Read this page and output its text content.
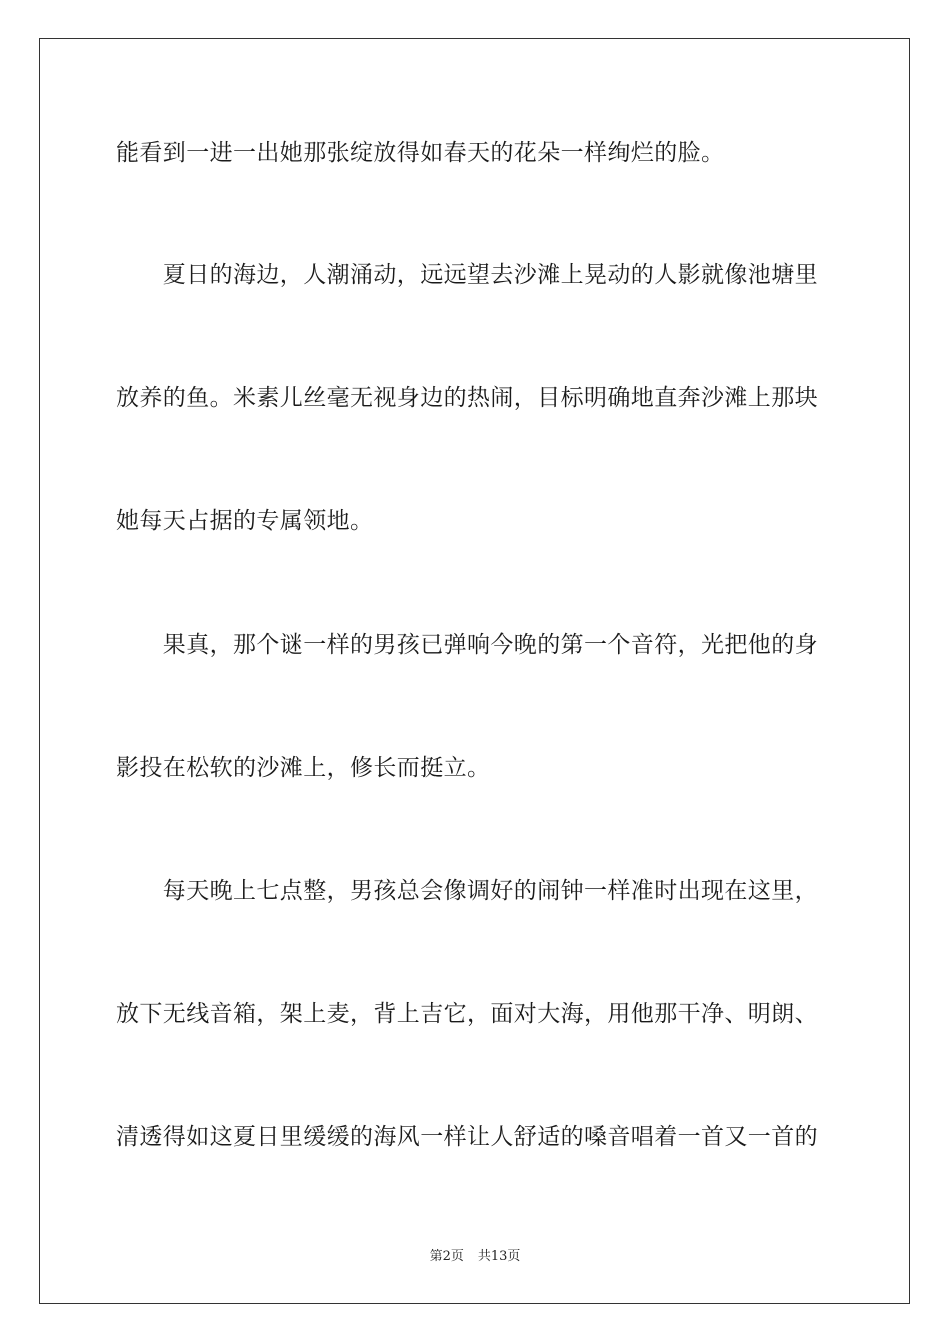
能看到一进一出她那张绽放得如春天的花朵一样绚烂的脸。

　　夏日的海边，人潮涌动，远远望去沙滩上晃动的人影就像池塘里

放养的鱼。米素儿丝毫无视身边的热闹，目标明确地直奔沙滩上那块

她每天占据的专属领地。

　　果真，那个谜一样的男孩已弹响今晚的第一个音符，光把他的身

影投在松软的沙滩上，修长而挺立。

　　每天晚上七点整，男孩总会像调好的闹钟一样准时出现在这里，

放下无线音箱，架上麦，背上吉它，面对大海，用他那干净、明朗、

清透得如这夏日里缓缓的海风一样让人舒适的嗓音唱着一首又一首的

第2页 共13页
